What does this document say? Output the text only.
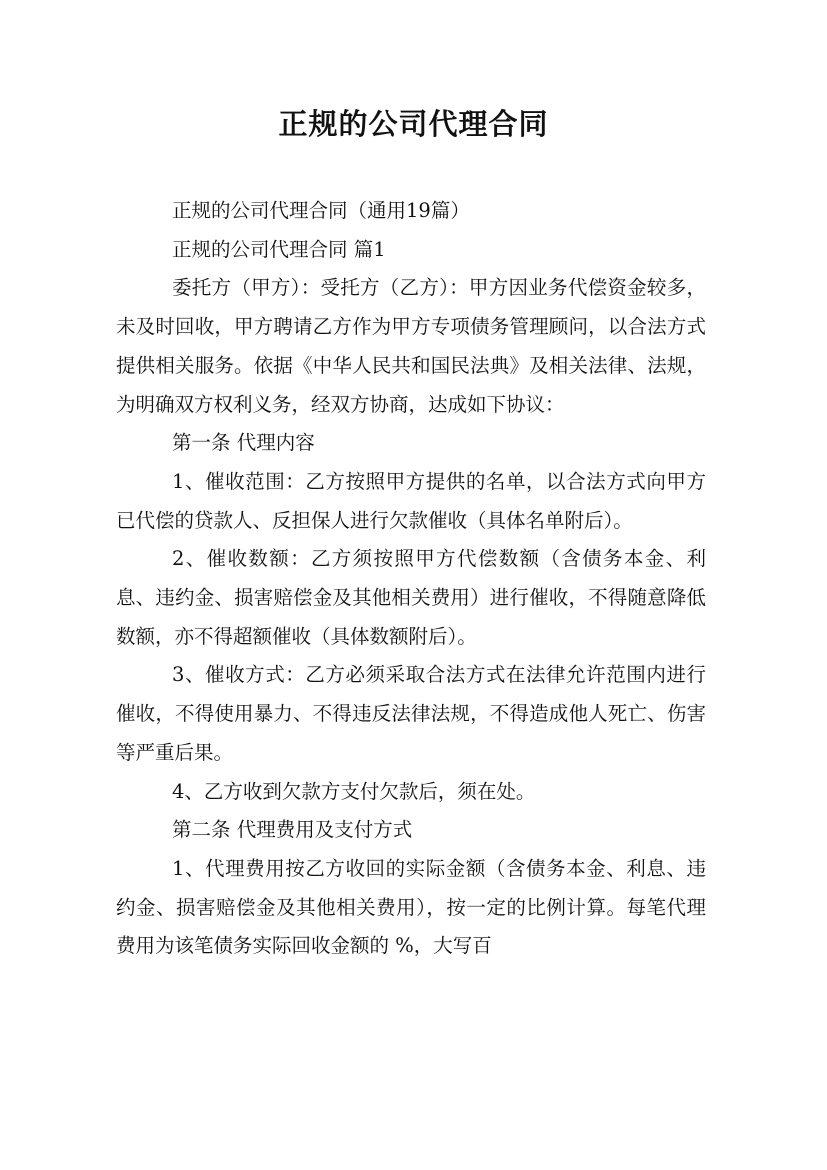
正规的公司代理合同

正规的公司代理合同（通用19篇）

正规的公司代理合同 篇1

委托方（甲方）：受托方（乙方）：甲方因业务代偿资金较多，未及时回收，甲方聘请乙方作为甲方专项债务管理顾问，以合法方式提供相关服务。依据《中华人民共和国民法典》及相关法律、法规，为明确双方权利义务，经双方协商，达成如下协议：

第一条 代理内容

1、催收范围：乙方按照甲方提供的名单，以合法方式向甲方已代偿的贷款人、反担保人进行欠款催收（具体名单附后）。

2、催收数额：乙方须按照甲方代偿数额（含债务本金、利息、违约金、损害赔偿金及其他相关费用）进行催收，不得随意降低数额，亦不得超额催收（具体数额附后）。

3、催收方式：乙方必须采取合法方式在法律允许范围内进行催收，不得使用暴力、不得违反法律法规，不得造成他人死亡、伤害等严重后果。

4、乙方收到欠款方支付欠款后，须在处。

第二条 代理费用及支付方式

1、代理费用按乙方收回的实际金额（含债务本金、利息、违约金、损害赔偿金及其他相关费用），按一定的比例计算。每笔代理费用为该笔债务实际回收金额的 %，大写百
